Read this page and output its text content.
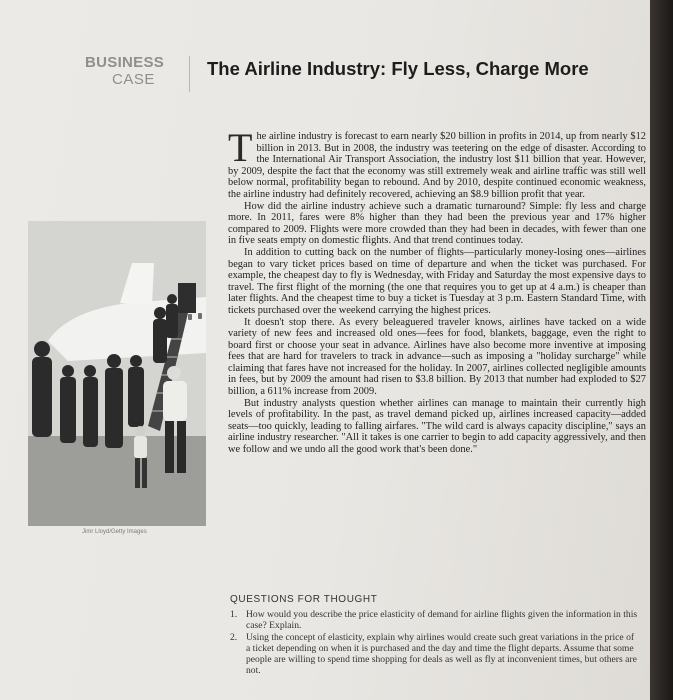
BUSINESS
CASE
The Airline Industry: Fly Less, Charge More
Jimr Lloyd/Getty Images

The airline industry is forecast to earn nearly $20 billion in profits in 2014, up from nearly $12 billion in 2013. But in 2008, the industry was teetering on the edge of disaster. According to the International Air Transport Association, the industry lost $11 billion that year. However, by 2009, despite the fact that the economy was still extremely weak and airline traffic was still well below normal, profitability began to rebound. And by 2010, despite continued economic weakness, the airline industry had definitely recovered, achieving an $8.9 billion profit that year.

How did the airline industry achieve such a dramatic turnaround? Simple: fly less and charge more. In 2011, fares were 8% higher than they had been the previous year and 17% higher compared to 2009. Flights were more crowded than they had been in decades, with fewer than one in five seats empty on domestic flights. And that trend continues today.

In addition to cutting back on the number of flights—particularly money-losing ones—airlines began to vary ticket prices based on time of departure and when the ticket was purchased. For example, the cheapest day to fly is Wednesday, with Friday and Saturday the most expensive days to travel. The first flight of the morning (the one that requires you to get up at 4 a.m.) is cheaper than later flights. And the cheapest time to buy a ticket is Tuesday at 3 p.m. Eastern Standard Time, with tickets purchased over the weekend carrying the highest prices.

It doesn't stop there. As every beleaguered traveler knows, airlines have tacked on a wide variety of new fees and increased old ones—fees for food, blankets, baggage, even the right to board first or choose your seat in advance. Airlines have also become more inventive at imposing fees that are hard for travelers to track in advance—such as imposing a "holiday surcharge" while claiming that fares have not increased for the holiday. In 2007, airlines collected negligible amounts in fees, but by 2009 the amount had risen to $3.8 billion. By 2013 that number had exploded to $27 billion, a 611% increase from 2009.

But industry analysts question whether airlines can manage to maintain their currently high levels of profitability. In the past, as travel demand picked up, airlines increased capacity—added seats—too quickly, leading to falling airfares. "The wild card is always capacity discipline," says an airline industry researcher. "All it takes is one carrier to begin to add capacity aggressively, and then we follow and we undo all the good work that's been done."

QUESTIONS FOR THOUGHT
1. How would you describe the price elasticity of demand for airline flights given the information in this case? Explain.
2. Using the concept of elasticity, explain why airlines would create such great variations in the price of a ticket depending on when it is purchased and the day and time the flight departs. Assume that some people are willing to spend time shopping for deals as well as fly at inconvenient times, but others are not.
